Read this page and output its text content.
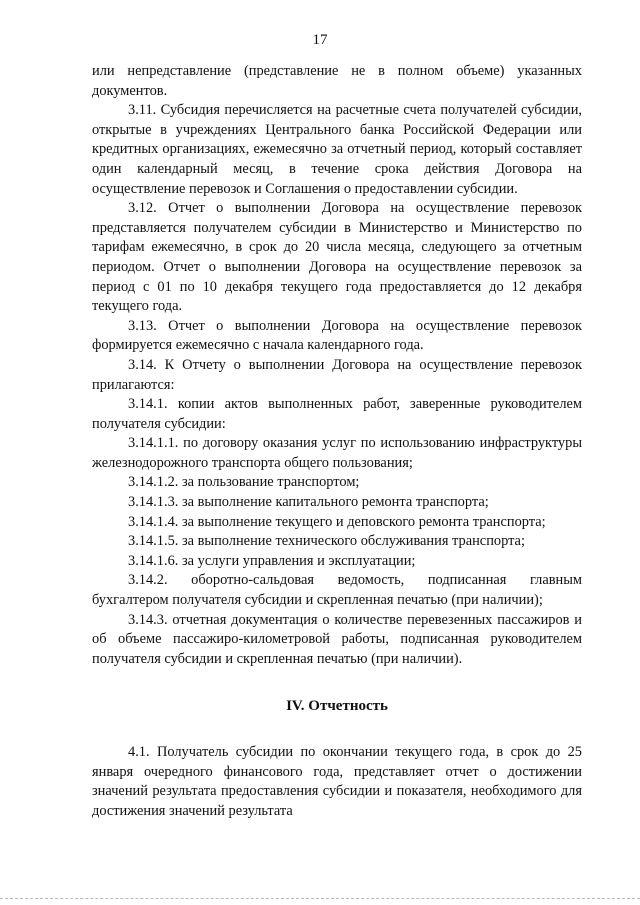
17

или непредставление (представление не в полном объеме) указанных документов.

3.11. Субсидия перечисляется на расчетные счета получателей субсидии, открытые в учреждениях Центрального банка Российской Федерации или кредитных организациях, ежемесячно за отчетный период, который составляет один календарный месяц, в течение срока действия Договора на осуществление перевозок и Соглашения о предоставлении субсидии.

3.12. Отчет о выполнении Договора на осуществление перевозок представляется получателем субсидии в Министерство и Министерство по тарифам ежемесячно, в срок до 20 числа месяца, следующего за отчетным периодом. Отчет о выполнении Договора на осуществление перевозок за период с 01 по 10 декабря текущего года предоставляется до 12 декабря текущего года.

3.13. Отчет о выполнении Договора на осуществление перевозок формируется ежемесячно с начала календарного года.

3.14. К Отчету о выполнении Договора на осуществление перевозок прилагаются:

3.14.1. копии актов выполненных работ, заверенные руководителем получателя субсидии:

3.14.1.1. по договору оказания услуг по использованию инфраструктуры железнодорожного транспорта общего пользования;

3.14.1.2. за пользование транспортом;

3.14.1.3. за выполнение капитального ремонта транспорта;

3.14.1.4. за выполнение текущего и деповского ремонта транспорта;

3.14.1.5. за выполнение технического обслуживания транспорта;

3.14.1.6. за услуги управления и эксплуатации;

3.14.2. оборотно-сальдовая ведомость, подписанная главным бухгалтером получателя субсидии и скрепленная печатью (при наличии);

3.14.3. отчетная документация о количестве перевезенных пассажиров и об объеме пассажиро-километровой работы, подписанная руководителем получателя субсидии и скрепленная печатью (при наличии).

IV. Отчетность

4.1. Получатель субсидии по окончании текущего года, в срок до 25 января очередного финансового года, представляет отчет о достижении значений результата предоставления субсидии и показателя, необходимого для достижения значений результата
